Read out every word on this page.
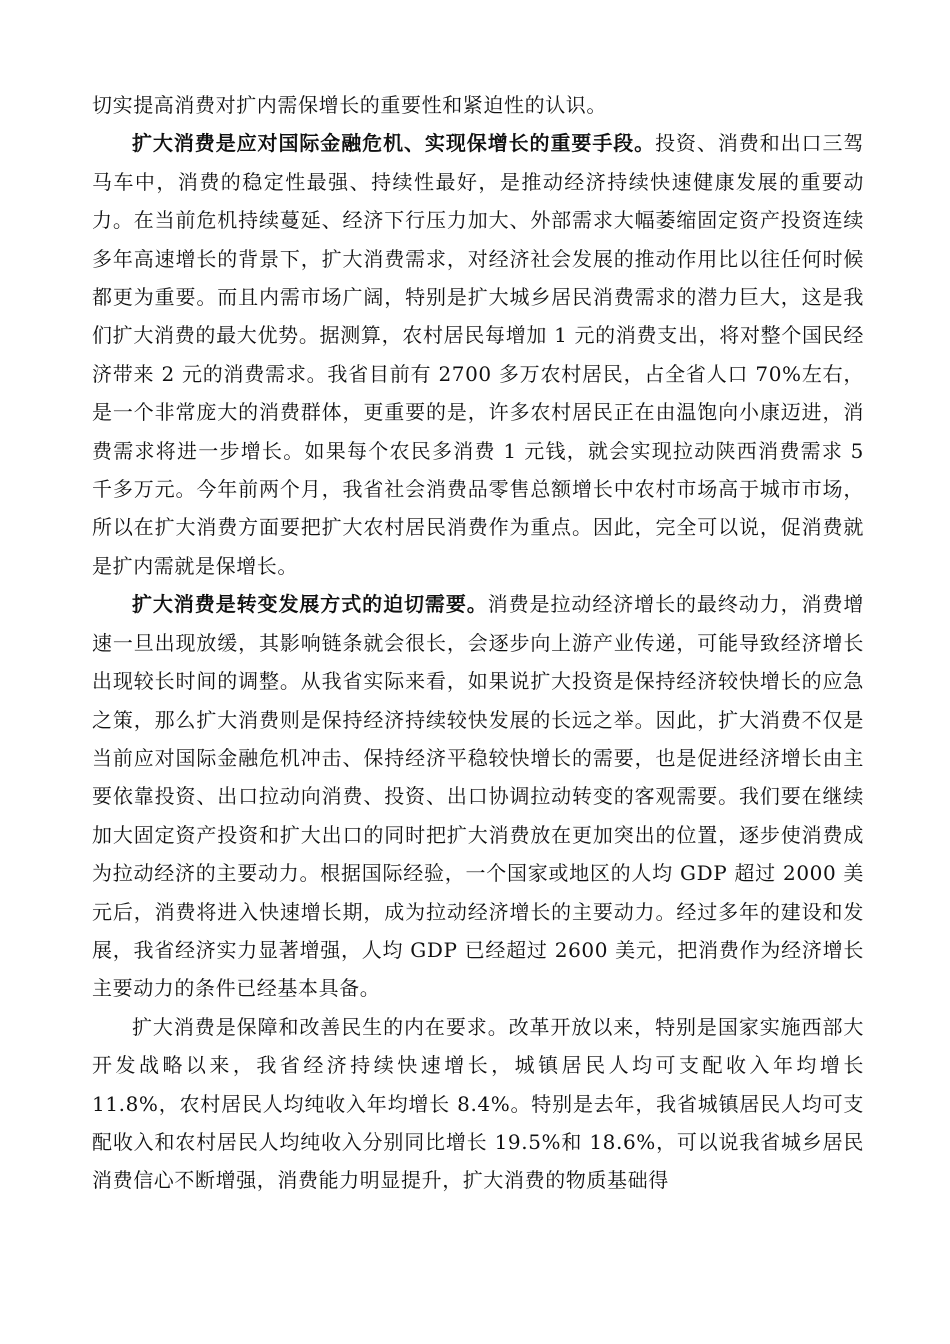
切实提高消费对扩内需保增长的重要性和紧迫性的认识。

扩大消费是应对国际金融危机、实现保增长的重要手段。投资、消费和出口三驾马车中，消费的稳定性最强、持续性最好，是推动经济持续快速健康发展的重要动力。在当前危机持续蔓延、经济下行压力加大、外部需求大幅萎缩固定资产投资连续多年高速增长的背景下，扩大消费需求，对经济社会发展的推动作用比以往任何时候都更为重要。而且内需市场广阔，特别是扩大城乡居民消费需求的潜力巨大，这是我们扩大消费的最大优势。据测算，农村居民每增加 1 元的消费支出，将对整个国民经济带来 2 元的消费需求。我省目前有 2700 多万农村居民，占全省人口 70%左右，是一个非常庞大的消费群体，更重要的是，许多农村居民正在由温饱向小康迈进，消费需求将进一步增长。如果每个农民多消费 1 元钱，就会实现拉动陕西消费需求 5 千多万元。今年前两个月，我省社会消费品零售总额增长中农村市场高于城市市场，所以在扩大消费方面要把扩大农村居民消费作为重点。因此，完全可以说，促消费就是扩内需就是保增长。

扩大消费是转变发展方式的迫切需要。消费是拉动经济增长的最终动力，消费增速一旦出现放缓，其影响链条就会很长，会逐步向上游产业传递，可能导致经济增长出现较长时间的调整。从我省实际来看，如果说扩大投资是保持经济较快增长的应急之策，那么扩大消费则是保持经济持续较快发展的长远之举。因此，扩大消费不仅是当前应对国际金融危机冲击、保持经济平稳较快增长的需要，也是促进经济增长由主要依靠投资、出口拉动向消费、投资、出口协调拉动转变的客观需要。我们要在继续加大固定资产投资和扩大出口的同时把扩大消费放在更加突出的位置，逐步使消费成为拉动经济的主要动力。根据国际经验，一个国家或地区的人均 GDP 超过 2000 美元后，消费将进入快速增长期，成为拉动经济增长的主要动力。经过多年的建设和发展，我省经济实力显著增强，人均 GDP 已经超过 2600 美元，把消费作为经济增长主要动力的条件已经基本具备。

扩大消费是保障和改善民生的内在要求。改革开放以来，特别是国家实施西部大开发战略以来，我省经济持续快速增长，城镇居民人均可支配收入年均增长 11.8%，农村居民人均纯收入年均增长 8.4%。特别是去年，我省城镇居民人均可支配收入和农村居民人均纯收入分别同比增长 19.5%和 18.6%，可以说我省城乡居民消费信心不断增强，消费能力明显提升，扩大消费的物质基础得
